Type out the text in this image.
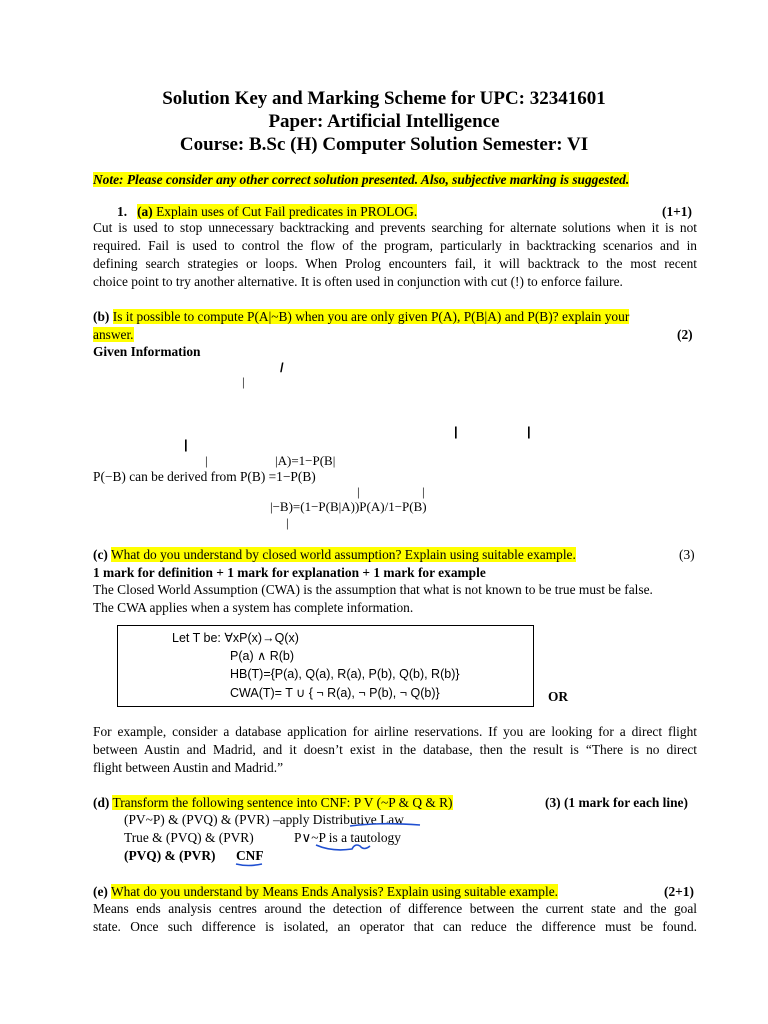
Solution Key and Marking Scheme for UPC: 32341601
Paper: Artificial Intelligence
Course: B.Sc (H) Computer Solution Semester: VI
Note: Please consider any other correct solution presented. Also, subjective marking is suggested.
1. (a) Explain uses of Cut Fail predicates in PROLOG.	(1+1)
Cut is used to stop unnecessary backtracking and prevents searching for alternate solutions when it is not
required. Fail is used to control the flow of the program, particularly in backtracking scenarios and in
defining search strategies or loops. When Prolog encounters fail, it will backtrack to the most recent
choice point to try another alternative. It is often used in conjunction with cut (!) to enforce failure.
(b) Is it possible to compute P(A|~B) when you are only given P(A), P(B|A) and P(B)? explain your
answer.	(2)
Given Information
/
|
|	|
|
|	|A)=1−P(B|
P(−B) can be derived from P(B) =1−P(B)
|	|
|−B)=(1−P(B|A))P(A)/1−P(B)
|
(c) What do you understand by closed world assumption? Explain using suitable example.	(3)
1 mark for definition + 1 mark for explanation + 1 mark for example
The Closed World Assumption (CWA) is the assumption that what is not known to be true must be false.
The CWA applies when a system has complete information.
Let T be: ∀xP(x)→Q(x)
P(a) ∧ R(b)
HB(T)={P(a), Q(a), R(a), P(b), Q(b), R(b)}
CWA(T)= T ∪ { ¬ R(a), ¬ P(b), ¬ Q(b)}	OR
For example, consider a database application for airline reservations. If you are looking for a direct flight
between Austin and Madrid, and it doesn’t exist in the database, then the result is “There is no direct
flight between Austin and Madrid.”
(d) Transform the following sentence into CNF: P V (~P & Q & R)	(3) (1 mark for each line)
(PV~P) & (PVQ) & (PVR) –apply Distributive Law
True & (PVQ) & (PVR)	P∨~P is a tautology
(PVQ) & (PVR) CNF
(e) What do you understand by Means Ends Analysis? Explain using suitable example.	(2+1)
Means ends analysis centres around the detection of difference between the current state and the goal
state. Once such difference is isolated, an operator that can reduce the difference must be found.
